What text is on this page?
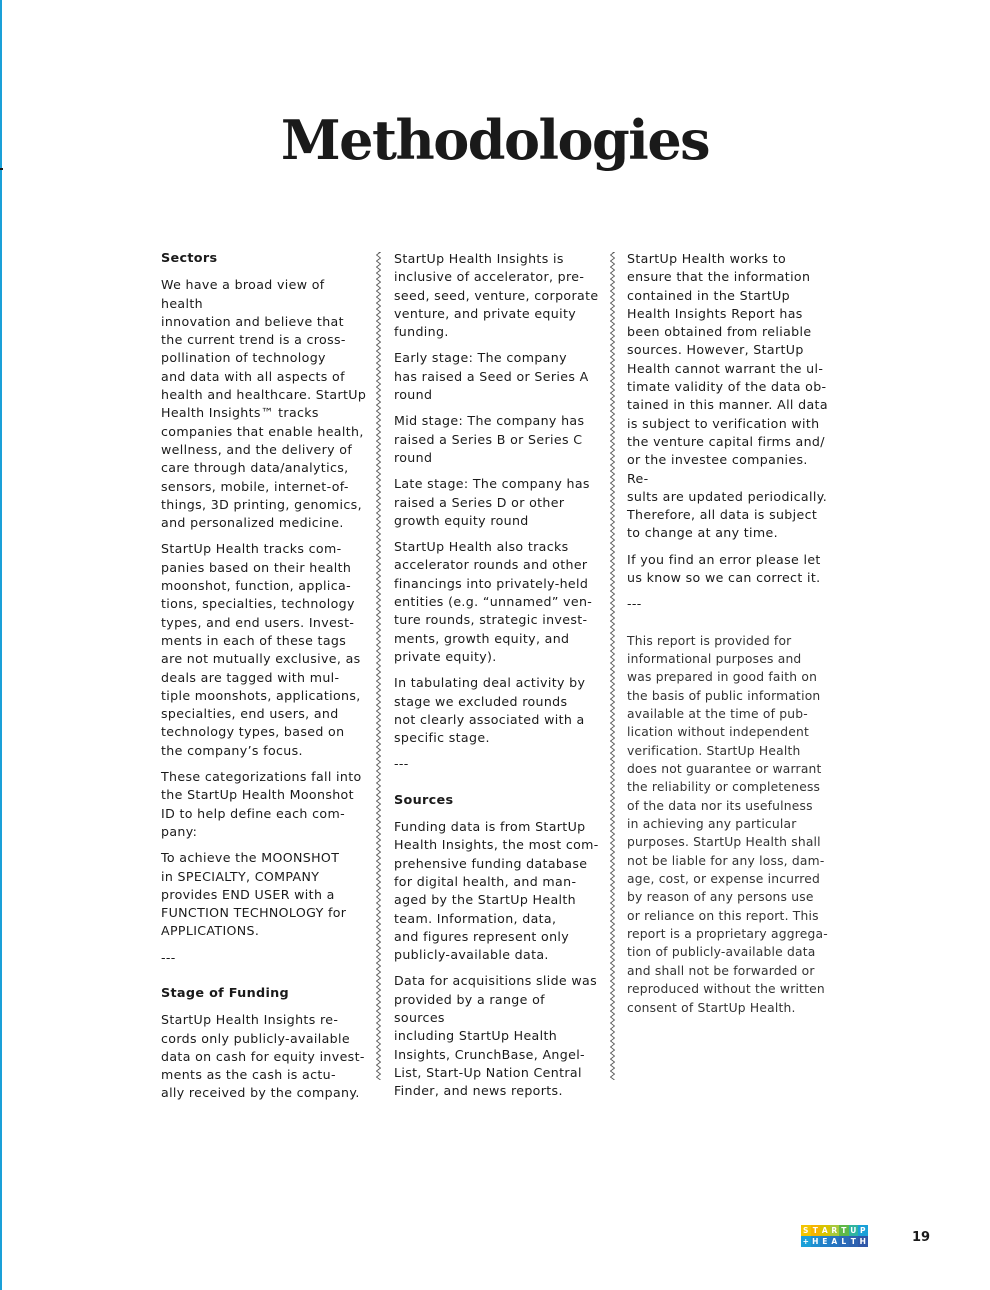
Methodologies
Sectors

We have a broad view of health
innovation and believe that
the current trend is a cross-
pollination of technology
and data with all aspects of
health and healthcare. StartUp
Health Insights™ tracks
companies that enable health,
wellness, and the delivery of
care through data/analytics,
sensors, mobile, internet-of-
things, 3D printing, genomics,
and personalized medicine.

StartUp Health tracks com-
panies based on their health
moonshot, function, applica-
tions, specialties, technology
types, and end users. Invest-
ments in each of these tags
are not mutually exclusive, as
deals are tagged with mul-
tiple moonshots, applications,
specialties, end users, and
technology types, based on
the company’s focus.

These categorizations fall into
the StartUp Health Moonshot
ID to help define each com-
pany:

To achieve the MOONSHOT
in SPECIALTY, COMPANY
provides END USER with a
FUNCTION TECHNOLOGY for
APPLICATIONS.

---

Stage of Funding

StartUp Health Insights re-
cords only publicly-available
data on cash for equity invest-
ments as the cash is actu-
ally received by the company.

StartUp Health Insights is
inclusive of accelerator, pre-
seed, seed, venture, corporate
venture, and private equity
funding.

Early stage: The company
has raised a Seed or Series A
round

Mid stage: The company has
raised a Series B or Series C
round

Late stage: The company has
raised a Series D or other
growth equity round

StartUp Health also tracks
accelerator rounds and other
financings into privately-held
entities (e.g. “unnamed” ven-
ture rounds, strategic invest-
ments, growth equity, and
private equity).

In tabulating deal activity by
stage we excluded rounds
not clearly associated with a
specific stage.

---

Sources

Funding data is from StartUp
Health Insights, the most com-
prehensive funding database
for digital health, and man-
aged by the StartUp Health
team. Information, data,
and figures represent only
publicly-available data.

Data for acquisitions slide was
provided by a range of sources
including StartUp Health
Insights, CrunchBase, Angel-
List, Start-Up Nation Central
Finder, and news reports.

StartUp Health works to
ensure that the information
contained in the StartUp
Health Insights Report has
been obtained from reliable
sources. However, StartUp
Health cannot warrant the ul-
timate validity of the data ob-
tained in this manner. All data
is subject to verification with
the venture capital firms and/
or the investee companies. Re-
sults are updated periodically.
Therefore, all data is subject
to change at any time.

If you find an error please let
us know so we can correct it.

---

This report is provided for
informational purposes and
was prepared in good faith on
the basis of public information
available at the time of pub-
lication without independent
verification. StartUp Health
does not guarantee or warrant
the reliability or completeness
of the data nor its usefulness
in achieving any particular
purposes. StartUp Health shall
not be liable for any loss, dam-
age, cost, or expense incurred
by reason of any persons use
or reliance on this report. This
report is a proprietary aggrega-
tion of publicly-available data
and shall not be forwarded or
reproduced without the written
consent of StartUp Health.

S T A R T U P
+ H E A L T H	19
